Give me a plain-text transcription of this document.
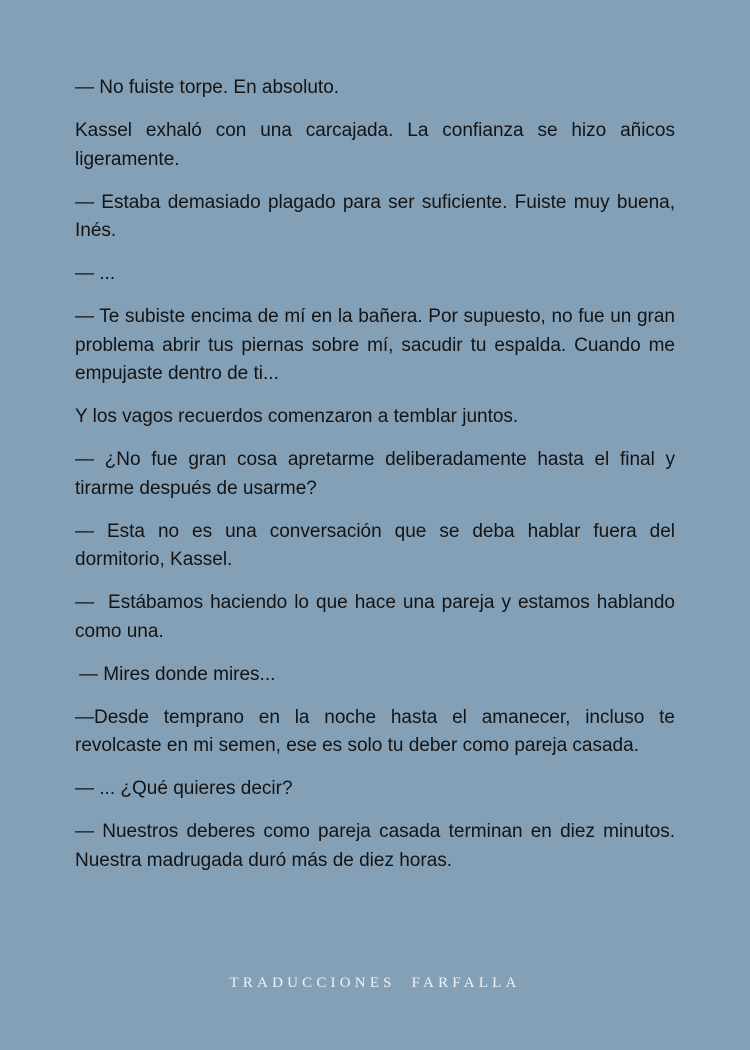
— No fuiste torpe. En absoluto.

Kassel exhaló con una carcajada. La confianza se hizo añicos ligeramente.

— Estaba demasiado plagado para ser suficiente. Fuiste muy buena, Inés.

— ...

— Te subiste encima de mí en la bañera. Por supuesto, no fue un gran problema abrir tus piernas sobre mí, sacudir tu espalda. Cuando me empujaste dentro de ti...

Y los vagos recuerdos comenzaron a temblar juntos.

— ¿No fue gran cosa apretarme deliberadamente hasta el final y tirarme después de usarme?

— Esta no es una conversación que se deba hablar fuera del dormitorio, Kassel.

—  Estábamos haciendo lo que hace una pareja y estamos hablando como una.

— Mires donde mires...

—Desde temprano en la noche hasta el amanecer, incluso te revolcaste en mi semen, ese es solo tu deber como pareja casada.

— ... ¿Qué quieres decir?

— Nuestros deberes como pareja casada terminan en diez minutos. Nuestra madrugada duró más de diez horas.

TRADUCCIONES  FARFALLA
